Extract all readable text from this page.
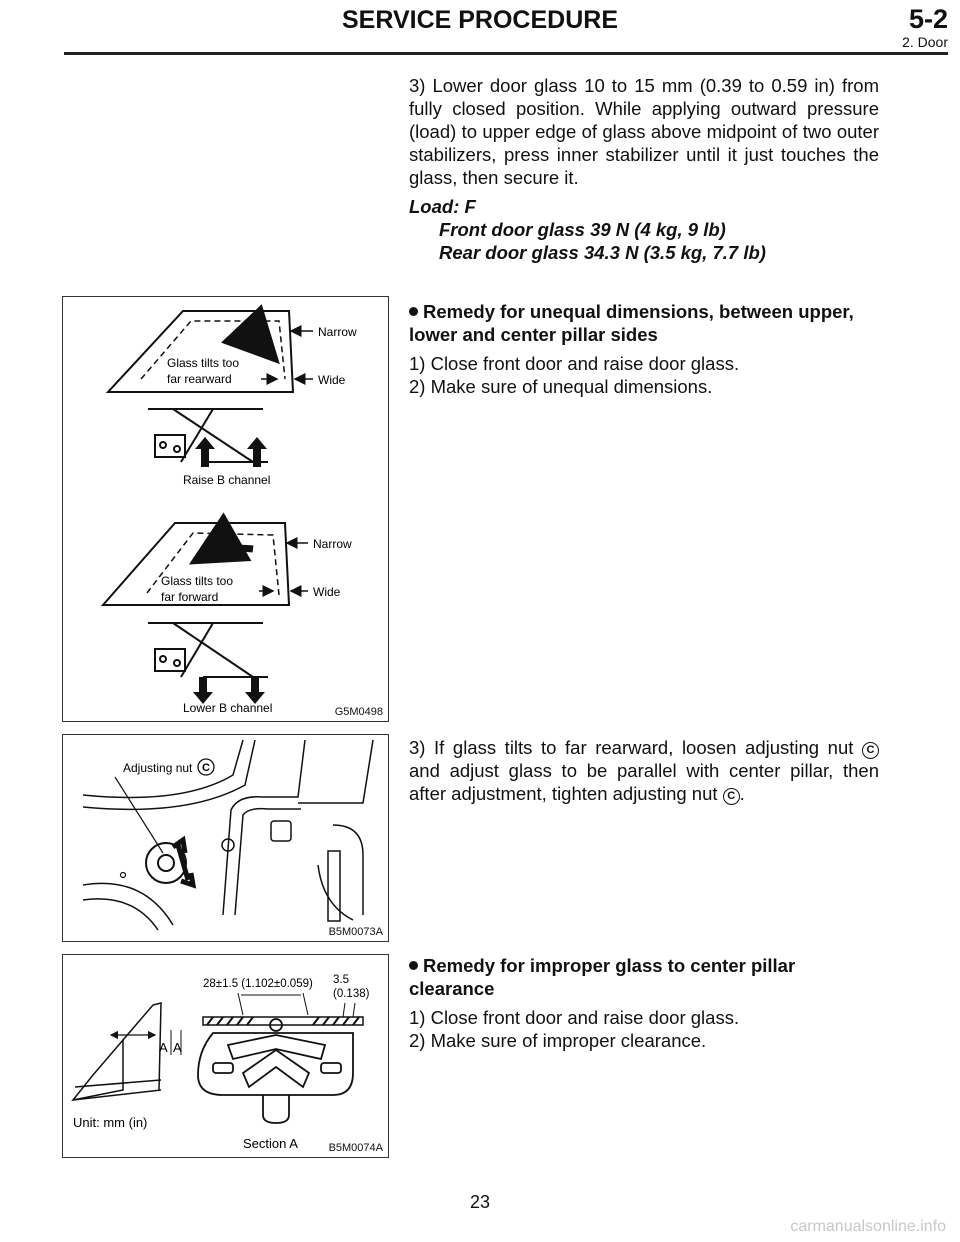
SERVICE PROCEDURE	5-2
2. Door

3) Lower door glass 10 to 15 mm (0.39 to 0.59 in) from fully closed position. While applying outward pressure (load) to upper edge of glass above midpoint of two outer stabilizers, press inner stabilizer until it just touches the glass, then secure it.

Load: F

Front door glass 39 N (4 kg, 9 lb)

Rear door glass 34.3 N (3.5 kg, 7.7 lb)

Remedy for unequal dimensions, between upper, lower and center pillar sides

1) Close front door and raise door glass.

2) Make sure of unequal dimensions.

3) If glass tilts to far rearward, loosen adjusting nut C and adjust glass to be parallel with center pillar, then after adjustment, tighten adjusting nut C .

Remedy for improper glass to center pillar clearance

1) Close front door and raise door glass.

2) Make sure of improper clearance.

Narrow
Wide
Glass tilts too
far rearward
Raise B channel
Narrow
Wide
Glass tilts too
far forward
Lower B channel	G5M0498
Adjusting nut C
B5M0073A
A A
28±1.5 (1.102±0.059) 3.5
(0.138)
Unit: mm (in)
Section A	B5M0074A
23
carmanualsonline.info
